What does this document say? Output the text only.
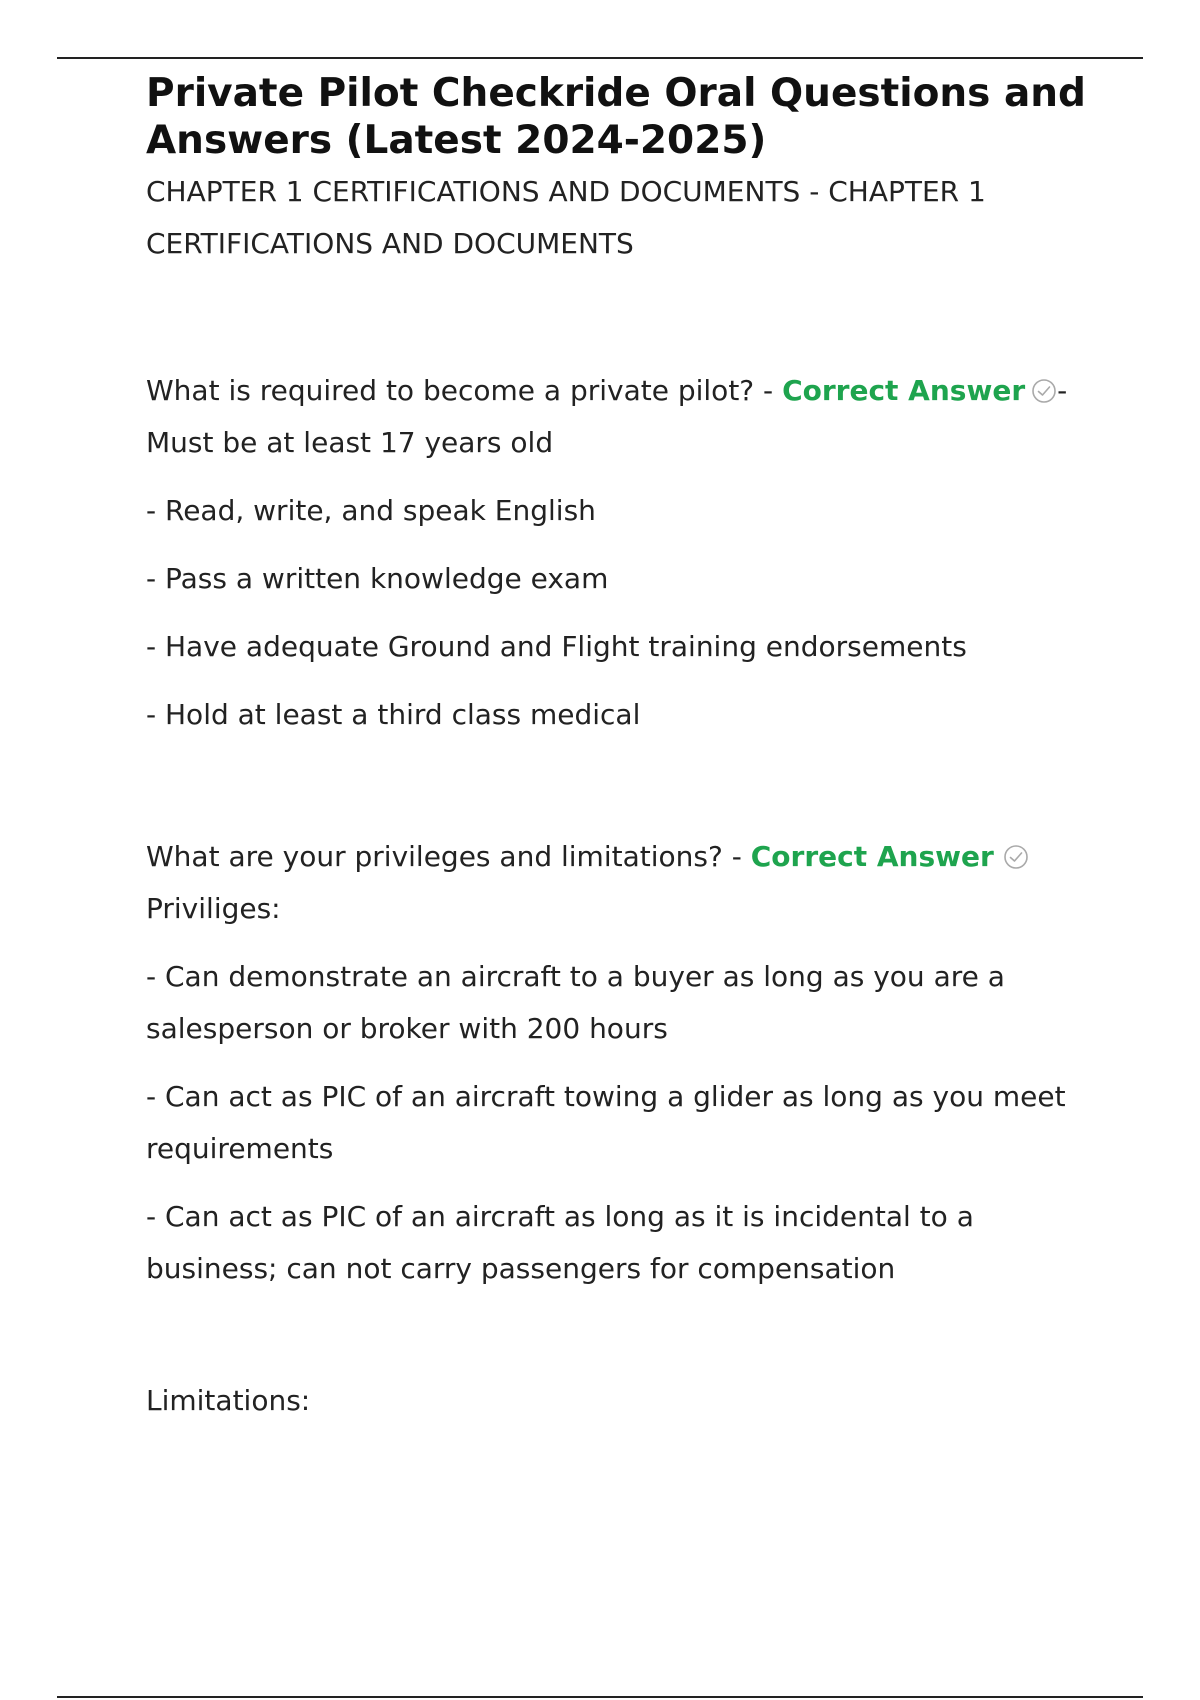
Private Pilot Checkride Oral Questions and Answers (Latest 2024-2025)

CHAPTER 1 CERTIFICATIONS AND DOCUMENTS - CHAPTER 1 CERTIFICATIONS AND DOCUMENTS

What is required to become a private pilot? - Correct Answer - Must be at least 17 years old

- Read, write, and speak English

- Pass a written knowledge exam

- Have adequate Ground and Flight training endorsements

- Hold at least a third class medical

What are your privileges and limitations? - Correct Answer Priviliges:

- Can demonstrate an aircraft to a buyer as long as you are a salesperson or broker with 200 hours

- Can act as PIC of an aircraft towing a glider as long as you meet requirements

- Can act as PIC of an aircraft as long as it is incidental to a business; can not carry passengers for compensation

Limitations:
